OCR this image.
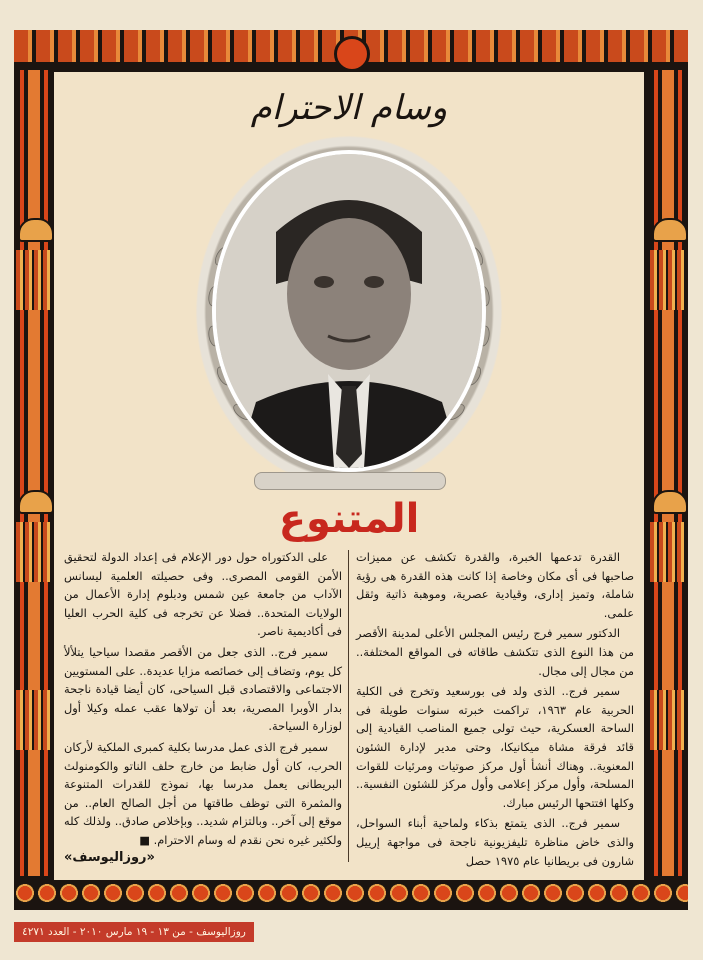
وسام الاحترام
المتنوع

القدرة تدعمها الخبرة، والقدرة تكشف عن مميزات صاحبها فى أى مكان وخاصة إذا كانت هذه القدرة هى رؤية شاملة، وتميز إدارى، وقيادية عصرية، وموهبة ذاتية وثقل علمى.

الدكتور سمير فرج رئيس المجلس الأعلى لمدينة الأقصر من هذا النوع الذى تتكشف طاقاته فى المواقع المختلفة.. من مجال إلى مجال.

سمير فرج.. الذى ولد فى بورسعيد وتخرج فى الكلية الحربية عام ١٩٦٣، تراكمت خبرته سنوات طويلة فى الساحة العسكرية، حيث تولى جميع المناصب القيادية إلى قائد فرقة مشاة ميكانيكا، وحتى مدير لإدارة الشئون المعنوية.. وهناك أنشأ أول مركز صوتيات ومرئيات للقوات المسلحة، وأول مركز إعلامى وأول مركز للشئون النفسية.. وكلها افتتحها الرئيس مبارك.

سمير فرج.. الذى يتمتع بذكاء ولماحية أبناء السواحل، والذى خاض مناظرة تليفزيونية ناجحة فى مواجهة إرييل شارون فى بريطانيا عام ١٩٧٥ حصل

على الدكتوراه حول دور الإعلام فى إعداد الدولة لتحقيق الأمن القومى المصرى.. وفى حصيلته العلمية ليسانس الآداب من جامعة عين شمس ودبلوم إدارة الأعمال من الولايات المتحدة.. فضلا عن تخرجه فى كلية الحرب العليا فى أكاديمية ناصر.

سمير فرج.. الذى جعل من الأقصر مقصدا سياحيا يتلألأ كل يوم، وتضاف إلى خصائصه مزايا عديدة.. على المستويين الاجتماعى والاقتصادى قبل السياحى، كان أيضا قيادة ناجحة بدار الأوبرا المصرية، بعد أن تولاها عقب عمله وكيلا أول لوزارة السياحة.

سمير فرج الذى عمل مدرسا بكلية كمبرى الملكية لأركان الحرب، كان أول ضابط من خارج حلف الناتو والكومنولث البريطانى يعمل مدرسا بها، نموذج للقدرات المتنوعة والمثمرة التى توظف طاقتها من أجل الصالح العام.. من موقع إلى آخر.. وبالتزام شديد.. وبإخلاص صادق.. ولذلك كله ولكثير غيره نحن نقدم له وسام الاحترام. ■

«روزاليوسف»
روزاليوسف - من ١٣ - ١٩ مارس ٢٠١٠ - العدد ٤٢٧١
